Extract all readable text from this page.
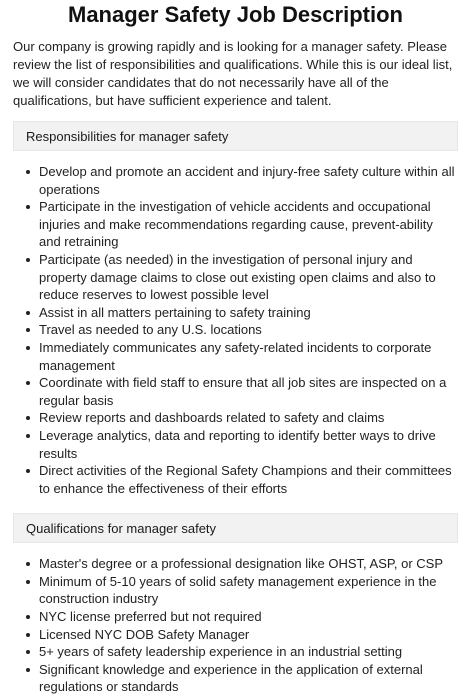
Manager Safety Job Description

Our company is growing rapidly and is looking for a manager safety. Please review the list of responsibilities and qualifications. While this is our ideal list, we will consider candidates that do not necessarily have all of the qualifications, but have sufficient experience and talent.

Responsibilities for manager safety
Develop and promote an accident and injury-free safety culture within all operations
Participate in the investigation of vehicle accidents and occupational injuries and make recommendations regarding cause, prevent-ability and retraining
Participate (as needed) in the investigation of personal injury and property damage claims to close out existing open claims and also to reduce reserves to lowest possible level
Assist in all matters pertaining to safety training
Travel as needed to any U.S. locations
Immediately communicates any safety-related incidents to corporate management
Coordinate with field staff to ensure that all job sites are inspected on a regular basis
Review reports and dashboards related to safety and claims
Leverage analytics, data and reporting to identify better ways to drive results
Direct activities of the Regional Safety Champions and their committees to enhance the effectiveness of their efforts
Qualifications for manager safety
Master's degree or a professional designation like OHST, ASP, or CSP
Minimum of 5-10 years of solid safety management experience in the construction industry
NYC license preferred but not required
Licensed NYC DOB Safety Manager
5+ years of safety leadership experience in an industrial setting
Significant knowledge and experience in the application of external regulations or standards
